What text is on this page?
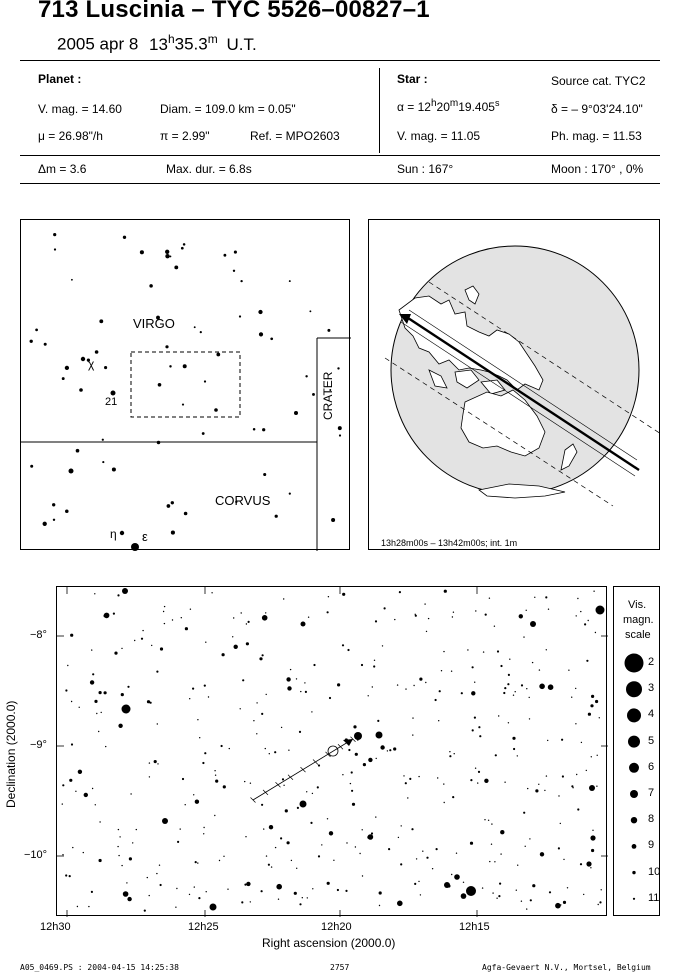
713 Luscinia – TYC 5526–00827–1
2005 apr 8 13$^h$35.3$^m$ U.T.
Planet :
V. mag. = 14.60	Diam. = 109.0 km = 0.05"
μ = 26.98"/h	π = 2.99"	Ref. = MPO2603
Star :	Source cat. TYC2
$\alpha = 12^h20^m19.405^s$	δ = – 9°03'24.10"
V. mag. = 11.05	Ph. mag. = 11.53
Δm = 3.6	Max. dur. = 6.8s	Sun : 167°	Moon : 170° , 0%
VIRGO
CORVUS
CRATER
χ
21
η ε	13h28m00s – 13h42m00s; int. 1m
12h30	12h25	12h20	12h15
−8°
−9°
−10°
Right ascension (2000.0)
Declination (2000.0)
Vis.
magn.
scale
2
3
4
5
6
7
8
9
10
11
A05_0469.PS : 2004-04-15 14:25:38	2757	Agfa-Gevaert N.V., Mortsel, Belgium
